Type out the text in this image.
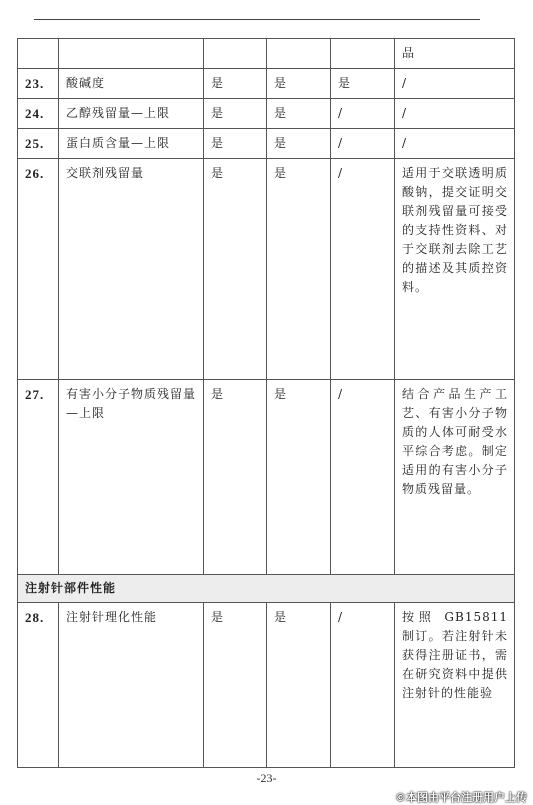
					品
23.	酸碱度	是	是	是	/
24.	乙醇残留量—上限	是	是	/	/
25.	蛋白质含量—上限	是	是	/	/
26.	交联剂残留量	是	是	/	适用于交联透明质酸钠，提交证明交联剂残留量可接受的支持性资料、对于交联剂去除工艺的描述及其质控资料。
27.	有害小分子物质残留量—上限	是	是	/	结合产品生产工艺、有害小分子物质的人体可耐受水平综合考虑。制定适用的有害小分子物质残留量。
注射针部件性能					
28.	注射针理化性能	是	是	/	按照 GB15811 制订。若注射针未获得注册证书，需在研究资料中提供注射针的性能验
-23-
©本图由平台注册用户上传
